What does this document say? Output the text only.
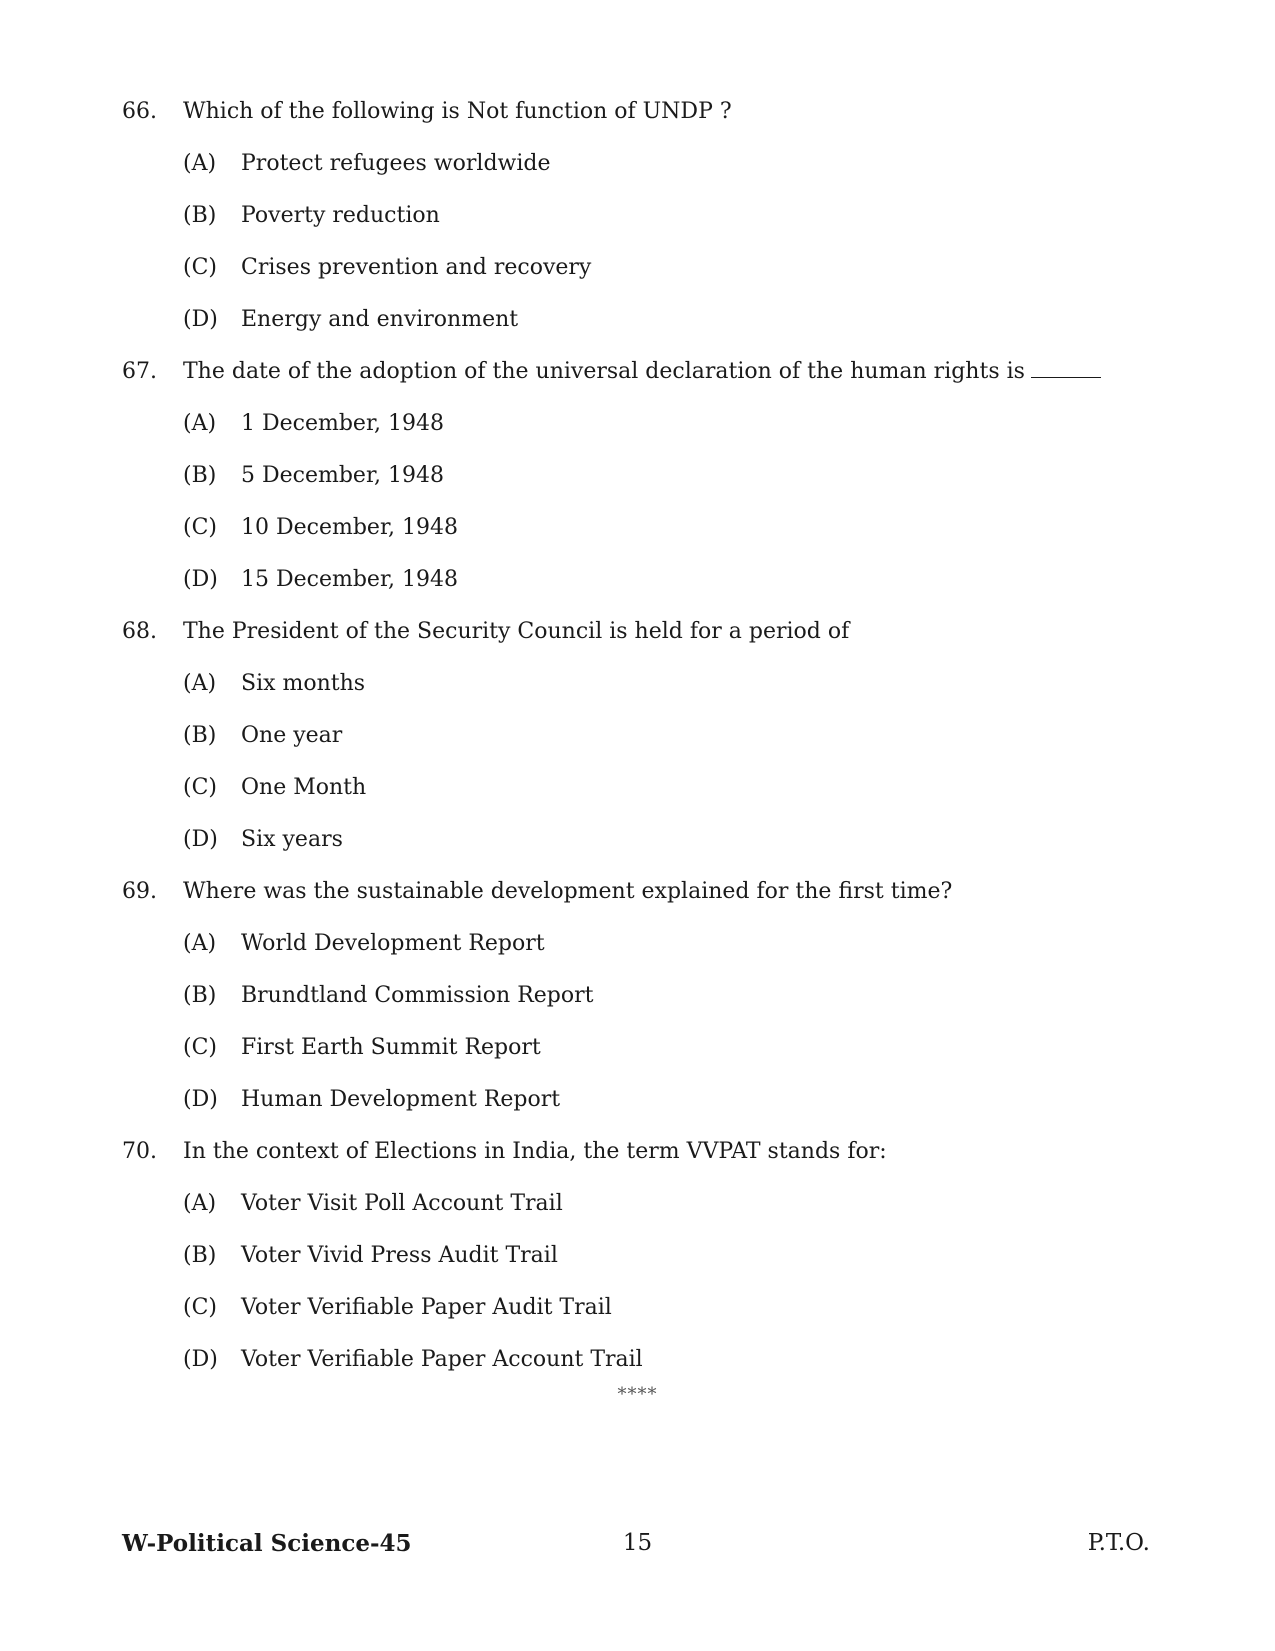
66. Which of the following is Not function of UNDP ?
(A) Protect refugees worldwide
(B) Poverty reduction
(C) Crises prevention and recovery
(D) Energy and environment
67. The date of the adoption of the universal declaration of the human rights is
(A) 1 December, 1948
(B) 5 December, 1948
(C) 10 December, 1948
(D) 15 December, 1948
68. The President of the Security Council is held for a period of
(A) Six months
(B) One year
(C) One Month
(D) Six years
69. Where was the sustainable development explained for the first time?
(A) World Development Report
(B) Brundtland Commission Report
(C) First Earth Summit Report
(D) Human Development Report
70. In the context of Elections in India, the term VVPAT stands for:
(A) Voter Visit Poll Account Trail
(B) Voter Vivid Press Audit Trail
(C) Voter Verifiable Paper Audit Trail
(D) Voter Verifiable Paper Account Trail
****
W-Political Science-45	15	P.T.O.
